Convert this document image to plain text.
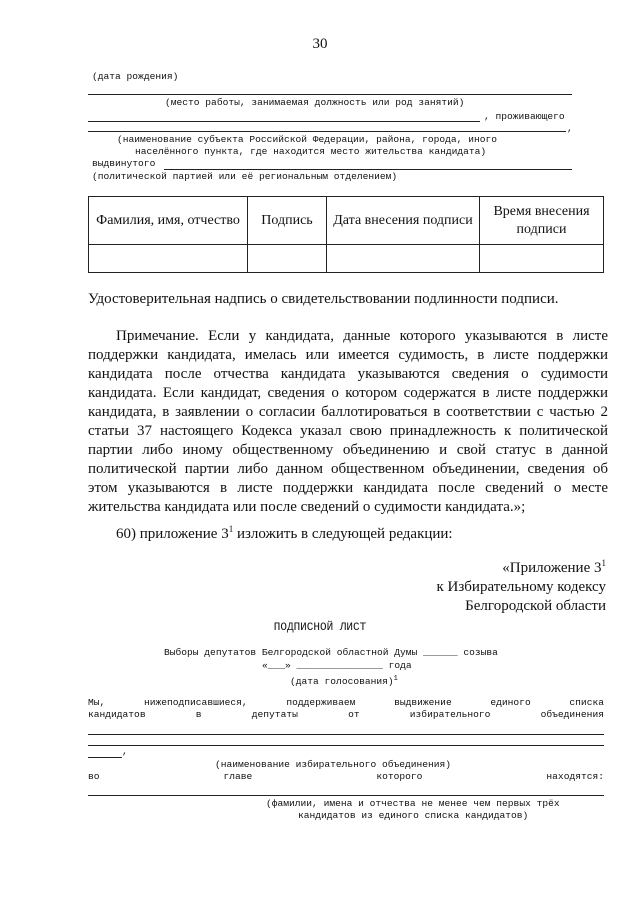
30
(дата рождения)
(место работы, занимаемая должность или род занятий)
, проживающего
,
(наименование субъекта Российской Федерации, района, города, иного
населённого пункта, где находится место жительства кандидата)
выдвинутого
(политической партией или её региональным отделением)
Фамилия, имя, отчество	Подпись	Дата внесения подписи	Время внесения подписи

Удостоверительная надпись о свидетельствовании подлинности подписи.
Примечание. Если у кандидата, данные которого указываются в листе поддержки кандидата, имелась или имеется судимость, в листе поддержки кандидата после отчества кандидата указываются сведения о судимости кандидата. Если кандидат, сведения о котором содержатся в листе поддержки кандидата, в заявлении о согласии баллотироваться в соответствии с частью 2 статьи 37 настоящего Кодекса указал свою принадлежность к политической партии либо иному общественному объединению и свой статус в данной политической партии либо данном общественном объединении, сведения об этом указываются в листе поддержки кандидата после сведений о месте жительства кандидата или после сведений о судимости кандидата.»;
60) приложение $3^1$ изложить в следующей редакции:
«Приложение $3^1$
к Избирательному кодексу
Белгородской области
ПОДПИСНОЙ ЛИСТ
Выборы депутатов Белгородской областной Думы ______ созыва
«___» _______________ года
(дата голосования)$^1$
Мы,	нижеподписавшиеся,	поддерживаем	выдвижение	единого	списка
кандидатов	в	депутаты	от	избирательного	объединения
,
(наименование избирательного объединения)
во	главе	которого	находятся:
(фамилии, имена и отчества не менее чем первых трёх
кандидатов из единого списка кандидатов)
